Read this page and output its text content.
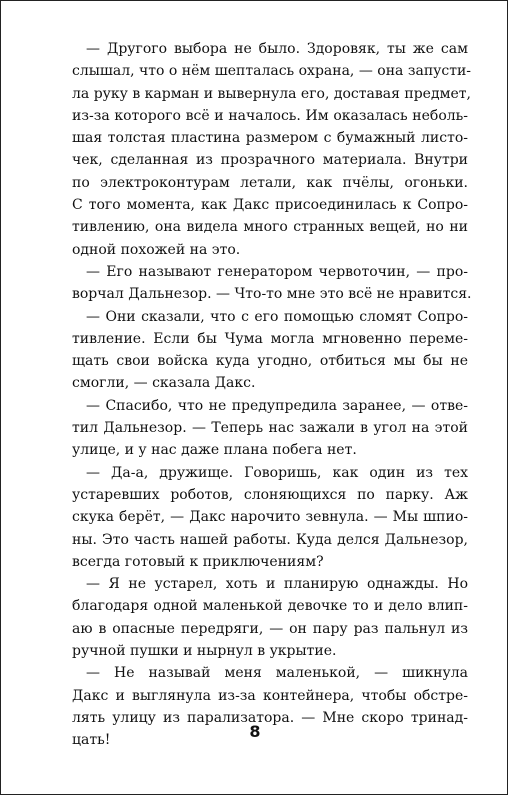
 — Другого выбора не было. Здоровяк, ты же сам
слышал, что о нём шепталась охрана, — она запусти-
ла руку в карман и вывернула его, доставая предмет,
из-за которого всё и началось. Им оказалась неболь-
шая толстая пластина размером с бумажный листо-
чек, сделанная из прозрачного материала. Внутри
по электроконтурам летали, как пчёлы, огоньки.
С того момента, как Дакс присоединилась к Сопро-
тивлению, она видела много странных вещей, но ни
одной похожей на это.
 — Его называют генератором червоточин, — про-
ворчал Дальнезор. — Что-то мне это всё не нравится.
 — Они сказали, что с его помощью сломят Сопро-
тивление. Если бы Чума могла мгновенно переме-
щать свои войска куда угодно, отбиться мы бы не
смогли, — сказала Дакс.
 — Спасибо, что не предупредила заранее, — отве-
тил Дальнезор. — Теперь нас зажали в угол на этой
улице, и у нас даже плана побега нет.
 — Да-а, дружище. Говоришь, как один из тех
устаревших роботов, слоняющихся по парку. Аж
скука берёт, — Дакс нарочито зевнула. — Мы шпио-
ны. Это часть нашей работы. Куда делся Дальнезор,
всегда готовый к приключениям?
 — Я не устарел, хоть и планирую однажды. Но
благодаря одной маленькой девочке то и дело влип-
аю в опасные передряги, — он пару раз пальнул из
ручной пушки и нырнул в укрытие.
 — Не называй меня маленькой, — шикнула
Дакс и выглянула из-за контейнера, чтобы обстре-
лять улицу из парализатора. — Мне скоро тринад-
цать!	8
